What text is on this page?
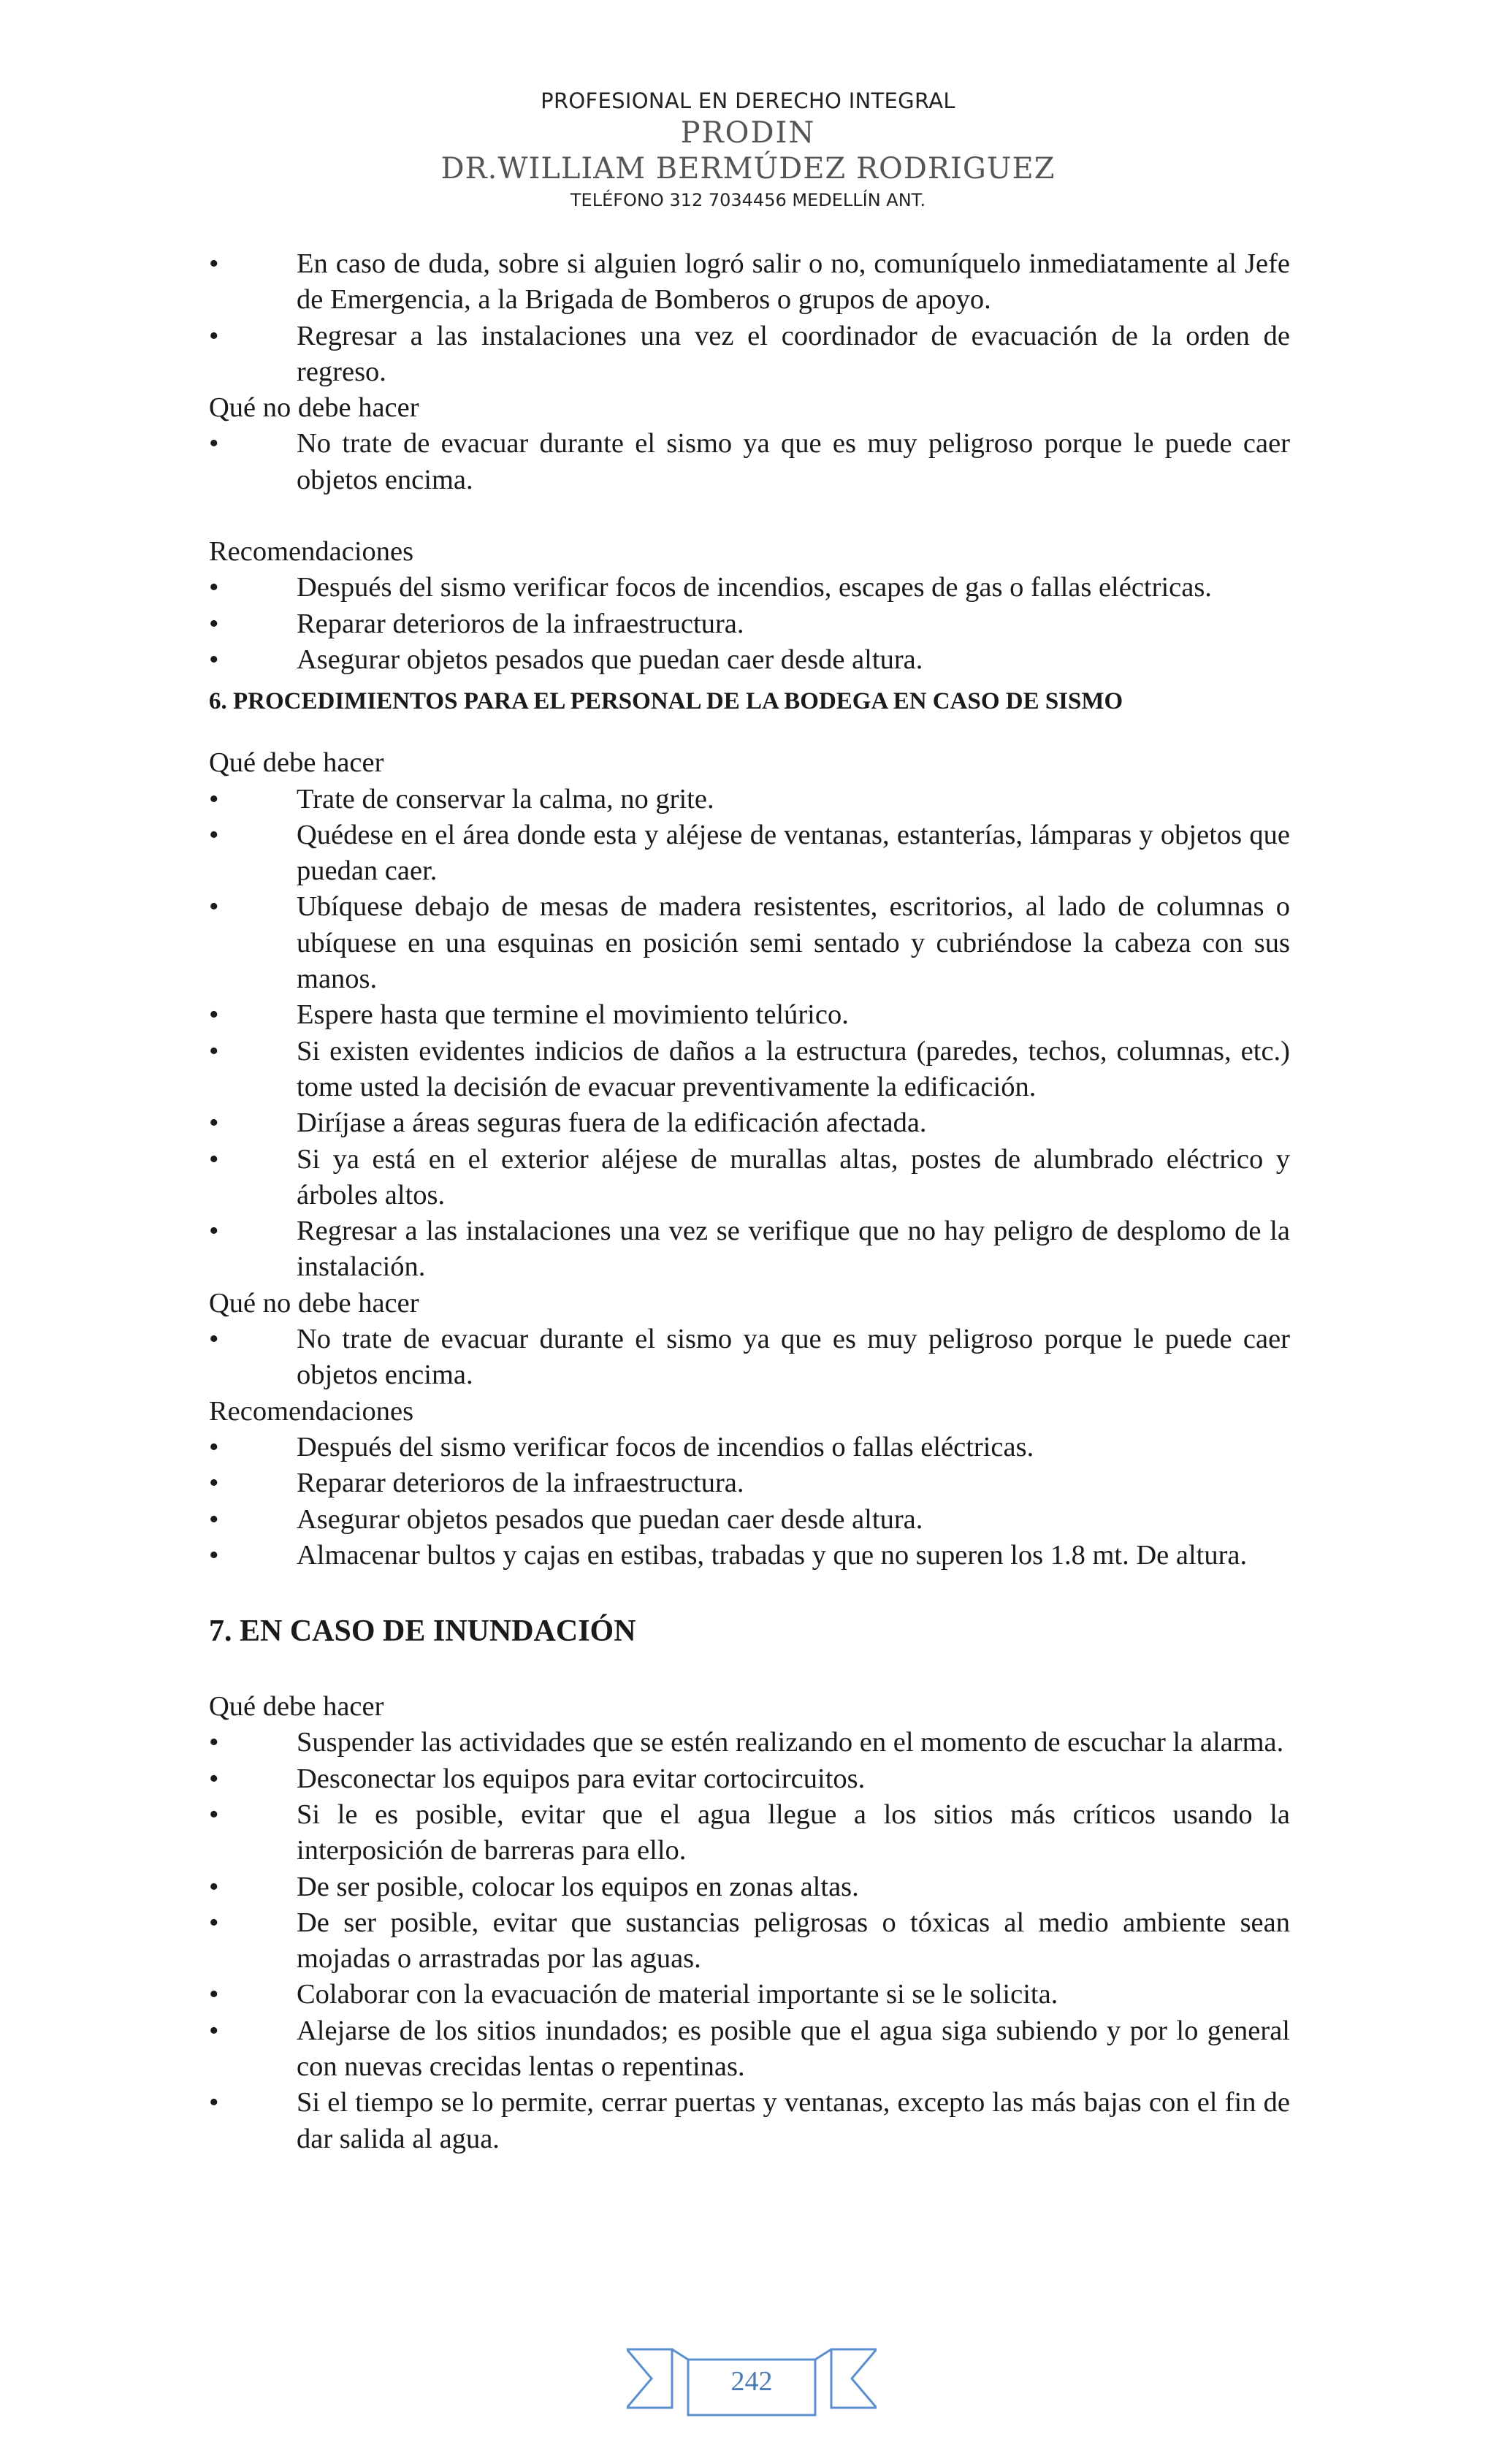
PROFESIONAL EN DERECHO INTEGRAL
PRODIN
DR.WILLIAM BERMÚDEZ RODRIGUEZ
TELÉFONO 312 7034456 MEDELLÍN ANT.

•	En caso de duda, sobre si alguien logró salir o no, comuníquelo inmediatamente al Jefe de Emergencia, a la Brigada de Bomberos o grupos de apoyo.

•	Regresar a las instalaciones una vez el coordinador de evacuación de la orden de regreso.

Qué no debe hacer

•	No trate de evacuar durante el sismo ya que es muy peligroso porque le puede caer objetos encima.

Recomendaciones

•	Después del sismo verificar focos de incendios, escapes de gas o fallas eléctricas.

•	Reparar deterioros de la infraestructura.

•	Asegurar objetos pesados que puedan caer desde altura.

6. PROCEDIMIENTOS PARA EL PERSONAL DE LA BODEGA EN CASO DE SISMO

Qué debe hacer

•	Trate de conservar la calma, no grite.

•	Quédese en el área donde esta y aléjese de ventanas, estanterías, lámparas y objetos que puedan caer.

•	Ubíquese debajo de mesas de madera resistentes, escritorios, al lado de columnas o ubíquese en una esquinas en posición semi sentado y cubriéndose la cabeza con sus manos.

•	Espere hasta que termine el movimiento telúrico.

•	Si existen evidentes indicios de daños a la estructura (paredes, techos, columnas, etc.) tome usted la decisión de evacuar preventivamente la edificación.

•	Diríjase a áreas seguras fuera de la edificación afectada.

•	Si ya está en el exterior aléjese de murallas altas, postes de alumbrado eléctrico y árboles altos.

•	Regresar a las instalaciones una vez se verifique que no hay peligro de desplomo de la instalación.

Qué no debe hacer

•	No trate de evacuar durante el sismo ya que es muy peligroso porque le puede caer objetos encima.

Recomendaciones

•	Después del sismo verificar focos de incendios o fallas eléctricas.

•	Reparar deterioros de la infraestructura.

•	Asegurar objetos pesados que puedan caer desde altura.

•	Almacenar bultos y cajas en estibas, trabadas y que no superen los 1.8 mt. De altura.

7. EN CASO DE INUNDACIÓN

Qué debe hacer

•	Suspender las actividades que se estén realizando en el momento de escuchar la alarma.

•	Desconectar los equipos para evitar cortocircuitos.

•	Si le es posible, evitar que el agua llegue a los sitios más críticos usando la interposición de barreras para ello.

•	De ser posible, colocar los equipos en zonas altas.

•	De ser posible, evitar que sustancias peligrosas o tóxicas al medio ambiente sean mojadas o arrastradas por las aguas.

•	Colaborar con la evacuación de material importante si se le solicita.

•	Alejarse de los sitios inundados; es posible que el agua siga subiendo y por lo general con nuevas crecidas lentas o repentinas.

•	Si el tiempo se lo permite, cerrar puertas y ventanas, excepto las más bajas con el fin de dar salida al agua.

242
